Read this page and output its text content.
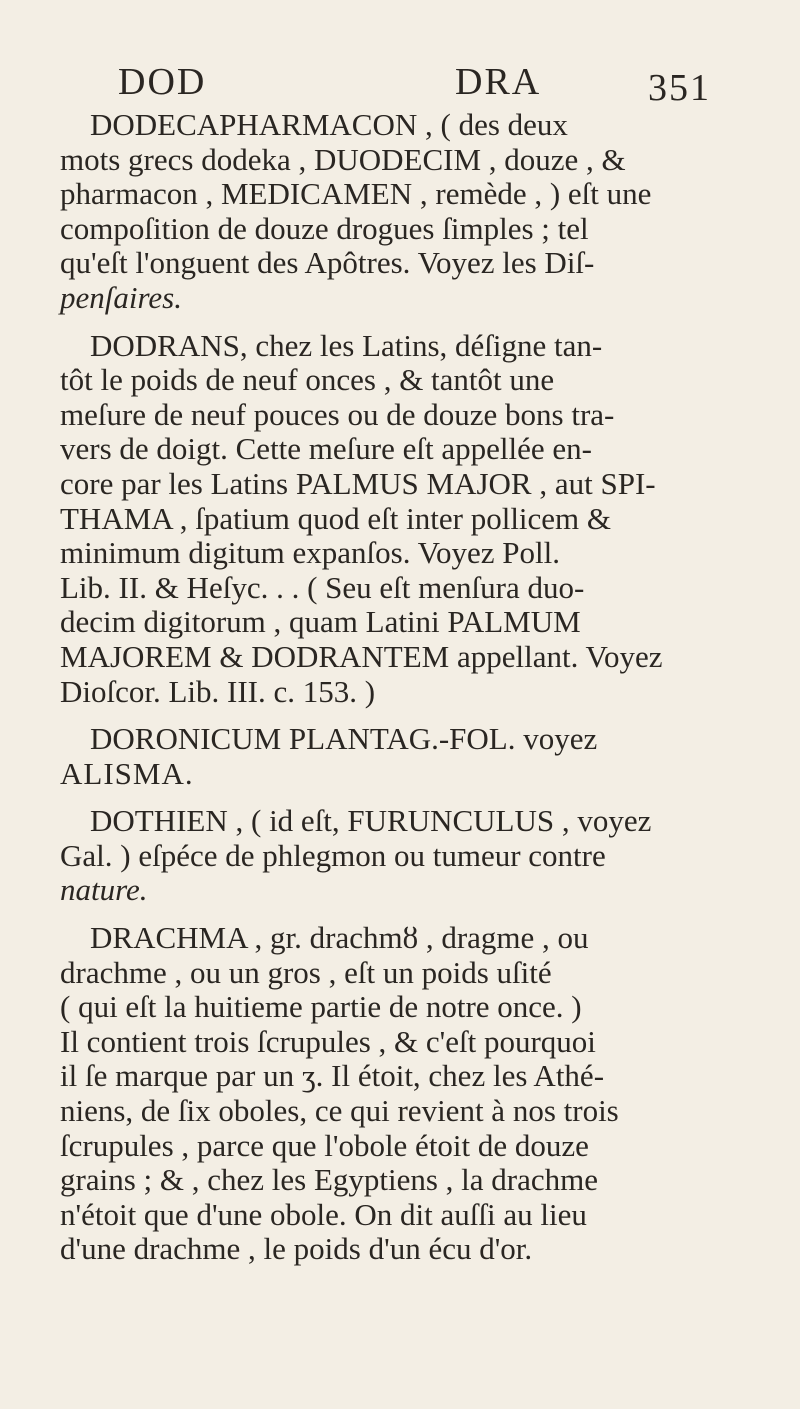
DOD	DRA	351
DODECAPHARMACON , ( des deux
mots grecs dodeka , DUODECIM , douze , &
pharmacon , MEDICAMEN , remède , ) eſt une
compoſition de douze drogues ſimples ; tel
qu'eſt l'onguent des Apôtres. Voyez les Diſ-
penſaires.
DODRANS, chez les Latins, déſigne tan-
tôt le poids de neuf onces , & tantôt une
meſure de neuf pouces ou de douze bons tra-
vers de doigt. Cette meſure eſt appellée en-
core par les Latins PALMUS MAJOR , aut SPI-
THAMA , ſpatium quod eſt inter pollicem &
minimum digitum expanſos. Voyez Poll.
Lib. II. & Heſyc. . . ( Seu eſt menſura duo-
decim digitorum , quam Latini PALMUM
MAJOREM & DODRANTEM appellant. Voyez
Dioſcor. Lib. III. c. 153. )
DORONICUM PLANTAG.-FOL. voyez
ALISMA.
DOTHIEN , ( id eſt, FURUNCULUS , voyez
Gal. ) eſpéce de phlegmon ou tumeur contre
nature.
DRACHMA , gr. drachmȣ , dragme , ou
drachme , ou un gros , eſt un poids uſité
( qui eſt la huitieme partie de notre once. )
Il contient trois ſcrupules , & c'eſt pourquoi
il ſe marque par un ʒ. Il étoit, chez les Athé-
niens, de ſix oboles, ce qui revient à nos trois
ſcrupules , parce que l'obole étoit de douze
grains ; & , chez les Egyptiens , la drachme
n'étoit que d'une obole. On dit auſſi au lieu
d'une drachme , le poids d'un écu d'or.
